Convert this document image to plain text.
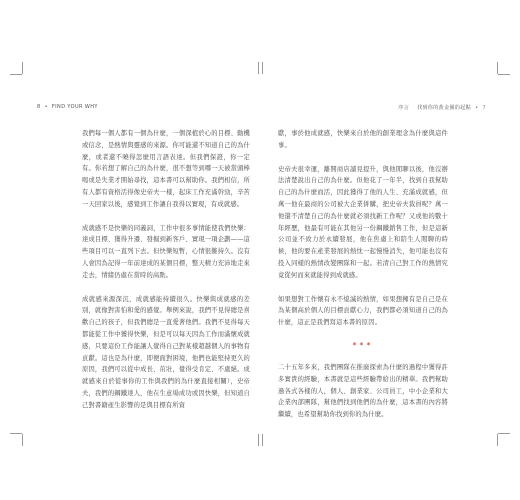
8  •  FIND YOUR WHY	序言 找到你的黃金圈的起點  •  7

我們每一個人都有一個為什麼，一個深植於心的目標、動機或信念，是熱情與靈感的來源。你可能還不知道自己的為什麼，或者還不曉得怎麼用言語表達。但我們保證，你一定有。你若想了解自己的為什麼，很不想等到哪一天被當頭棒喝或是失業才開始尋找，這本書可以幫助你。我們相信，所有人都有資格活得像史帝夫一樣，起床工作充滿幹勁，辛苦一天回家以後，感覺到工作讓自我得以實現，有成就感。

成就感不是快樂的同義詞，工作中很多事情能使我們快樂：達成目標、獲得升遷、發掘到新客戶、實現一項企劃——這些項目可以一直列下去。但快樂短暫，心情很難持久。沒有人會因為記得一年前達成的某個目標，整天精力充沛地走來走去，情緒仍處在當時的高點。

成就感來源深沉，成就感能持續很久。快樂與成就感的差別，就像對害怕和愛的感覺。舉例來說，我們不見得總是喜歡自己的孩子，但我們總是一直愛著他們。我們不見得每天都能從工作中獲得快樂，但是可以每天因為工作而滿懷成就感，只要這份工作能讓人覺得自己對某樣超越個人的事物有貢獻。這也是為什麼，即便面對困境，他們也能堅持更久的原因，我們可以從中成長、茁壯，覺得受肯定、不處絕。成就感來自於從事你的工作與我們的為什麼直接相關），史帝夫，我們的鋼鐵達人，他在生意場成功或因快樂，但知道自己對書籍產生影響的是與目標有所資

獻，事於他成就感，快樂來自於他的創業理念為什麼與這件事。

史帝夫很幸運，離開商店讀見提升，與他閒聊以後，他沒辦法清楚說出自己的為什麼。但他花了一年半，找到自我幫助自己的為什麼而活，因此獲得了他的人生、充滿成就感，但萬一他在最商的公司被大企業併購，把史帝夫裁員呢？萬一他還不清楚自己的為什麼就必須找新工作呢？又或他的數十年經歷，他最有可能在其他另一份鋼鐵銷售工作，但是這新公司並不致力於永續發展，他在焦慮上和陪生人閒聊的時候，他的要在產業發展的熱忱一起慢慢消失，他可能也沒有投入同樣的熱情改變團隊和一起。若清自己對工作的熱情究竟從何而來就能得到成就感。

如果想對工作懷有永不熄滅的熱情，如果想擁有是自己是在為某個高於個人的目標貢獻心力，我們都必須知道自己的為什麼，這正是我們寫這本書的原因。

***

二十五年多來，我們團隊在推廣探索為什麼的過程中獲得許多實貴的經驗，本書就是這些經驗帶給出的精華。我們幫助過各式各樣的人，個人、創業家、公司員工，中小企業和大企業內部團隊，幫他們找到他們的為什麼，這本書的內容將繼續，也希望幫助你找到你的為什麼。
